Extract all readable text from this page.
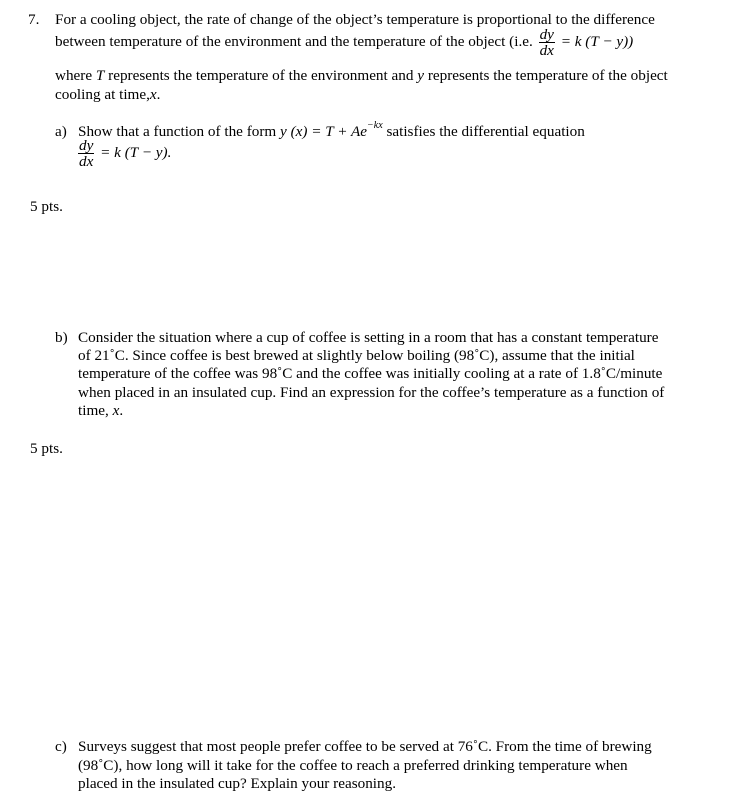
7. For a cooling object, the rate of change of the object’s temperature is proportional to the difference
between temperature of the environment and the temperature of the object (i.e. $\frac{dy}{dx} = k$ (T − y))
where T represents the temperature of the environment and y represents the temperature of the object
cooling at time,x.
a) Show that a function of the form y $(x) = T + Ae^{-kx}$ satisfies the differential equation
$\frac{dy}{dx} = k$ (T − y).
5 pts.
b) Consider the situation where a cup of coffee is setting in a room that has a constant temperature
of 21˚C. Since coffee is best brewed at slightly below boiling (98˚C), assume that the initial
temperature of the coffee was 98˚C and the coffee was initially cooling at a rate of 1.8˚C/minute
when placed in an insulated cup. Find an expression for the coffee’s temperature as a function of
time, x.
5 pts.
c) Surveys suggest that most people prefer coffee to be served at 76˚C. From the time of brewing
(98˚C), how long will it take for the coffee to reach a preferred drinking temperature when
placed in the insulated cup? Explain your reasoning.
